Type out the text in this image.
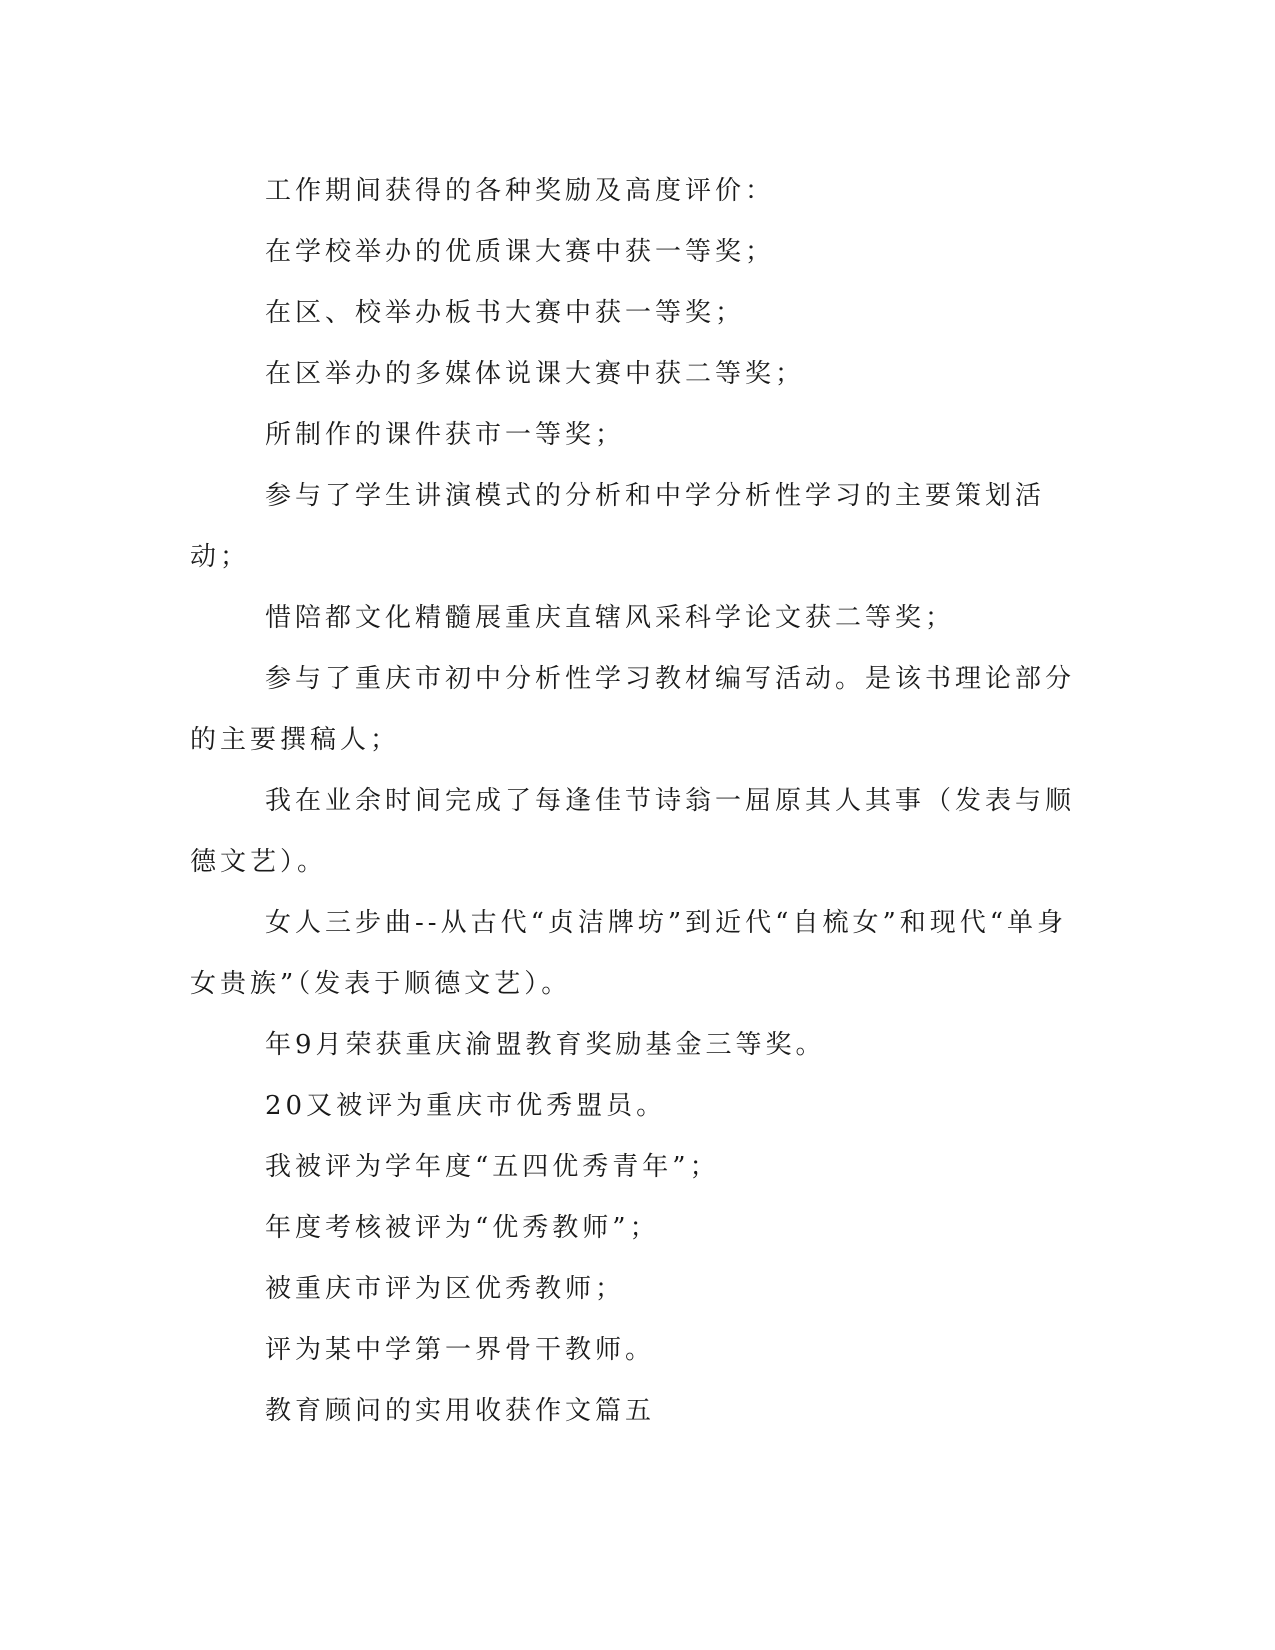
工作期间获得的各种奖励及高度评价：

在学校举办的优质课大赛中获一等奖；

在区、校举办板书大赛中获一等奖；

在区举办的多媒体说课大赛中获二等奖；

所制作的课件获市一等奖；

参与了学生讲演模式的分析和中学分析性学习的主要策划活动；

惜陪都文化精髓展重庆直辖风采科学论文获二等奖；

参与了重庆市初中分析性学习教材编写活动。是该书理论部分的主要撰稿人；

我在业余时间完成了每逢佳节诗翁一屈原其人其事（发表与顺德文艺）。

女人三步曲--从古代“贞洁牌坊”到近代“自梳女”和现代“单身女贵族”（发表于顺德文艺）。

年9月荣获重庆渝盟教育奖励基金三等奖。

20又被评为重庆市优秀盟员。

我被评为学年度“五四优秀青年”；

年度考核被评为“优秀教师”；

被重庆市评为区优秀教师；

评为某中学第一界骨干教师。

教育顾问的实用收获作文篇五
